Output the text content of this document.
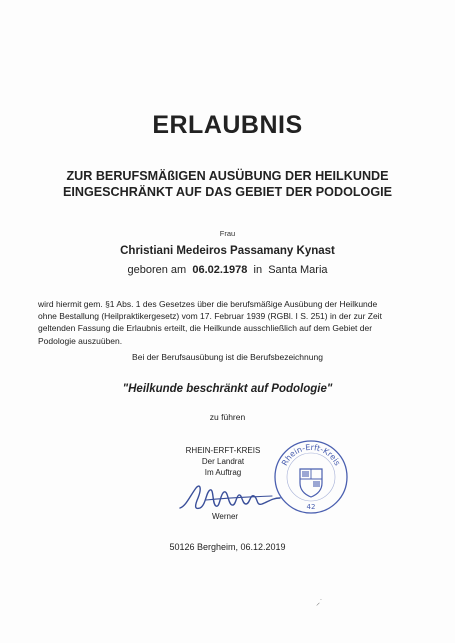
ERLAUBNIS
ZUR BERUFSMÄßIGEN AUSÜBUNG DER HEILKUNDE
EINGESCHRÄNKT AUF DAS GEBIET DER PODOLOGIE
Frau
Christiani Medeiros Passamany Kynast
geboren am 06.02.1978 in Santa Maria
wird hiermit gem. §1 Abs. 1 des Gesetzes über die berufsmäßige Ausübung der Heilkunde
ohne Bestallung (Heilpraktikergesetz) vom 17. Februar 1939 (RGBl. I S. 251) in der zur Zeit
geltenden Fassung die Erlaubnis erteilt, die Heilkunde ausschließlich auf dem Gebiet der
Podologie auszuüben.
Bei der Berufsausübung ist die Berufsbezeichnung
"Heilkunde beschränkt auf Podologie"
zu führen
RHEIN-ERFT-KREIS
Der Landrat
Im Auftrag
Rhein-Erft-Kreis
42
Werner
50126 Bergheim, 06.12.2019
⸝˙
